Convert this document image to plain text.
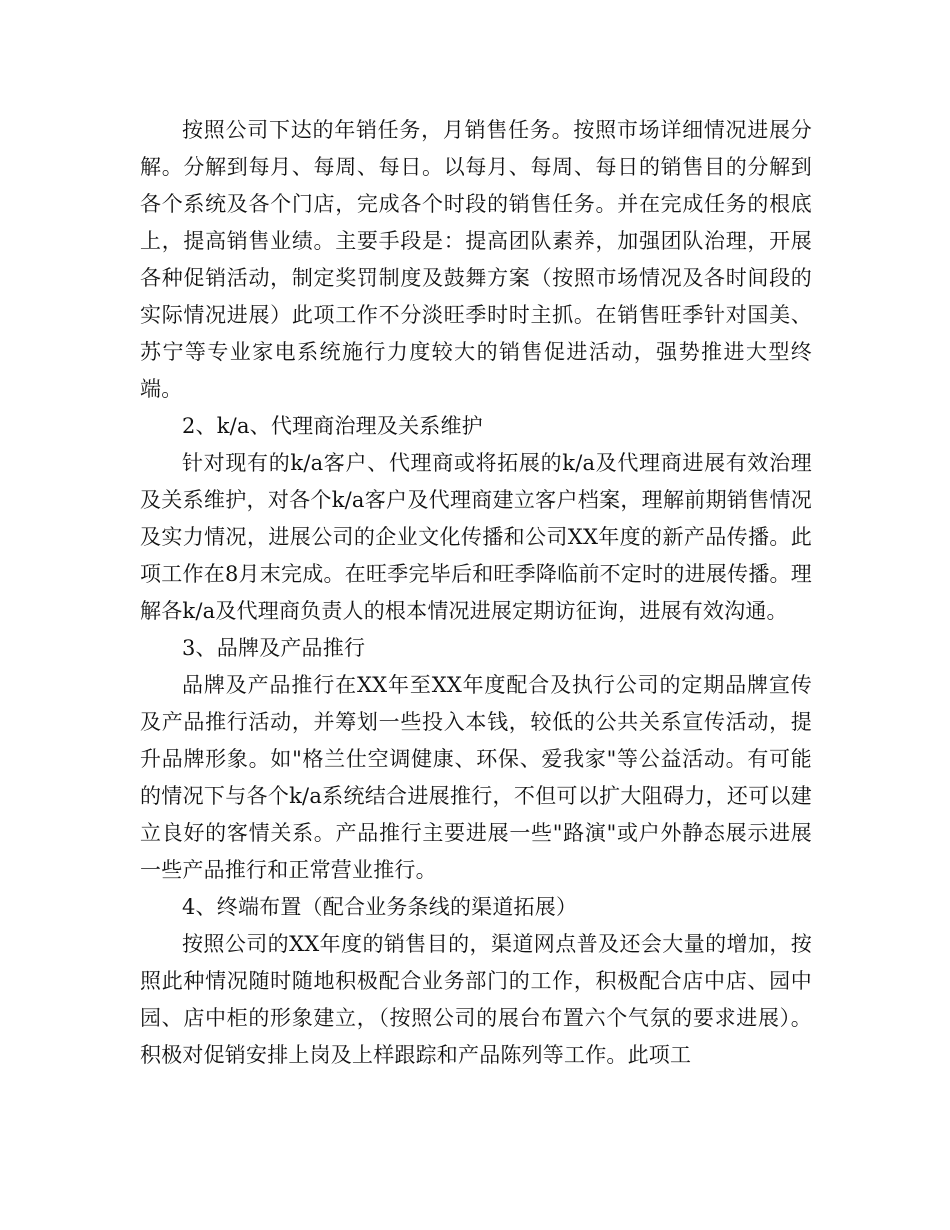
按照公司下达的年销任务，月销售任务。按照市场详细情况进展分解。分解到每月、每周、每日。以每月、每周、每日的销售目的分解到各个系统及各个门店，完成各个时段的销售任务。并在完成任务的根底上，提高销售业绩。主要手段是：提高团队素养，加强团队治理，开展各种促销活动，制定奖罚制度及鼓舞方案（按照市场情况及各时间段的实际情况进展）此项工作不分淡旺季时时主抓。在销售旺季针对国美、苏宁等专业家电系统施行力度较大的销售促进活动，强势推进大型终端。

2、k/a、代理商治理及关系维护

针对现有的k/a客户、代理商或将拓展的k/a及代理商进展有效治理及关系维护，对各个k/a客户及代理商建立客户档案，理解前期销售情况及实力情况，进展公司的企业文化传播和公司XX年度的新产品传播。此项工作在8月末完成。在旺季完毕后和旺季降临前不定时的进展传播。理解各k/a及代理商负责人的根本情况进展定期访征询，进展有效沟通。

3、品牌及产品推行

品牌及产品推行在XX年至XX年度配合及执行公司的定期品牌宣传及产品推行活动，并筹划一些投入本钱，较低的公共关系宣传活动，提升品牌形象。如"格兰仕空调健康、环保、爱我家"等公益活动。有可能的情况下与各个k/a系统结合进展推行，不但可以扩大阻碍力，还可以建立良好的客情关系。产品推行主要进展一些"路演"或户外静态展示进展一些产品推行和正常营业推行。

4、终端布置（配合业务条线的渠道拓展）

按照公司的XX年度的销售目的，渠道网点普及还会大量的增加，按照此种情况随时随地积极配合业务部门的工作，积极配合店中店、园中园、店中柜的形象建立，（按照公司的展台布置六个气氛的要求进展）。积极对促销安排上岗及上样跟踪和产品陈列等工作。此项工
